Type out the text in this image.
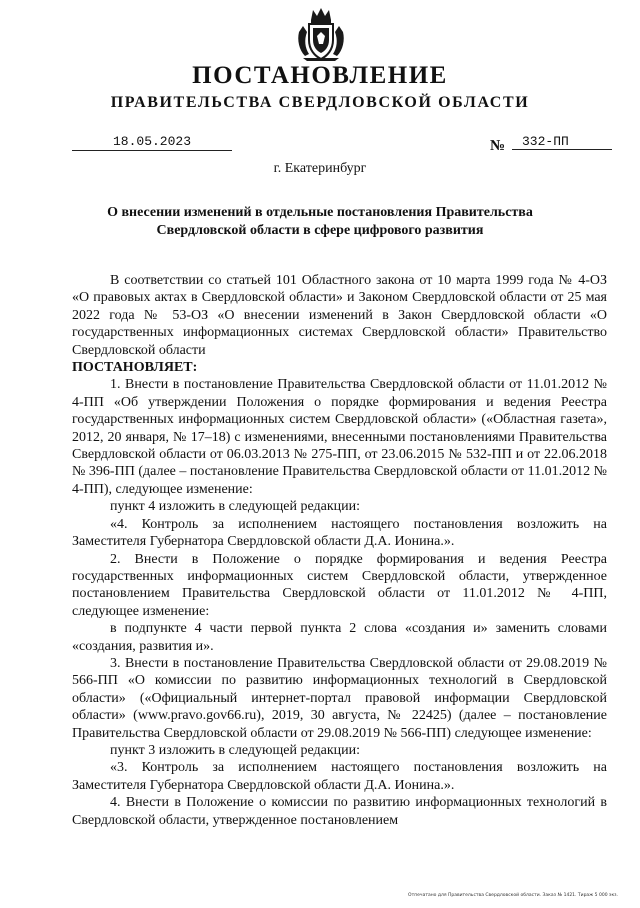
ПОСТАНОВЛЕНИЕ
ПРАВИТЕЛЬСТВА СВЕРДЛОВСКОЙ ОБЛАСТИ
18.05.2023	№	332-ПП
г. Екатеринбург
О внесении изменений в отдельные постановления Правительства
Свердловской области в сфере цифрового развития

В соответствии со статьей 101 Областного закона от 10 марта 1999 года № 4-ОЗ «О правовых актах в Свердловской области» и Законом Свердловской области от 25 мая 2022 года № 53-ОЗ «О внесении изменений в Закон Свердловской области «О государственных информационных системах Свердловской области» Правительство Свердловской области

ПОСТАНОВЛЯЕТ:

1. Внести в постановление Правительства Свердловской области от 11.01.2012 № 4-ПП «Об утверждении Положения о порядке формирования и ведения Реестра государственных информационных систем Свердловской области» («Областная газета», 2012, 20 января, № 17–18) с изменениями, внесенными постановлениями Правительства Свердловской области от 06.03.2013 № 275-ПП, от 23.06.2015 № 532-ПП и от 22.06.2018 № 396-ПП (далее – постановление Правительства Свердловской области от 11.01.2012 № 4-ПП), следующее изменение:

пункт 4 изложить в следующей редакции:

«4. Контроль за исполнением настоящего постановления возложить на Заместителя Губернатора Свердловской области Д.А. Ионина.».

2. Внести в Положение о порядке формирования и ведения Реестра государственных информационных систем Свердловской области, утвержденное постановлением Правительства Свердловской области от 11.01.2012 № 4-ПП, следующее изменение:

в подпункте 4 части первой пункта 2 слова «создания и» заменить словами «создания, развития и».

3. Внести в постановление Правительства Свердловской области от 29.08.2019 № 566-ПП «О комиссии по развитию информационных технологий в Свердловской области» («Официальный интернет-портал правовой информации Свердловской области» (www.pravo.gov66.ru), 2019, 30 августа, № 22425) (далее – постановление Правительства Свердловской области от 29.08.2019 № 566-ПП) следующее изменение:

пункт 3 изложить в следующей редакции:

«3. Контроль за исполнением настоящего постановления возложить на Заместителя Губернатора Свердловской области Д.А. Ионина.».

4. Внести в Положение о комиссии по развитию информационных технологий в Свердловской области, утвержденное постановлением

Отпечатано для Правительства Свердловской области. Заказ № 1421. Тираж 5 000 экз.
